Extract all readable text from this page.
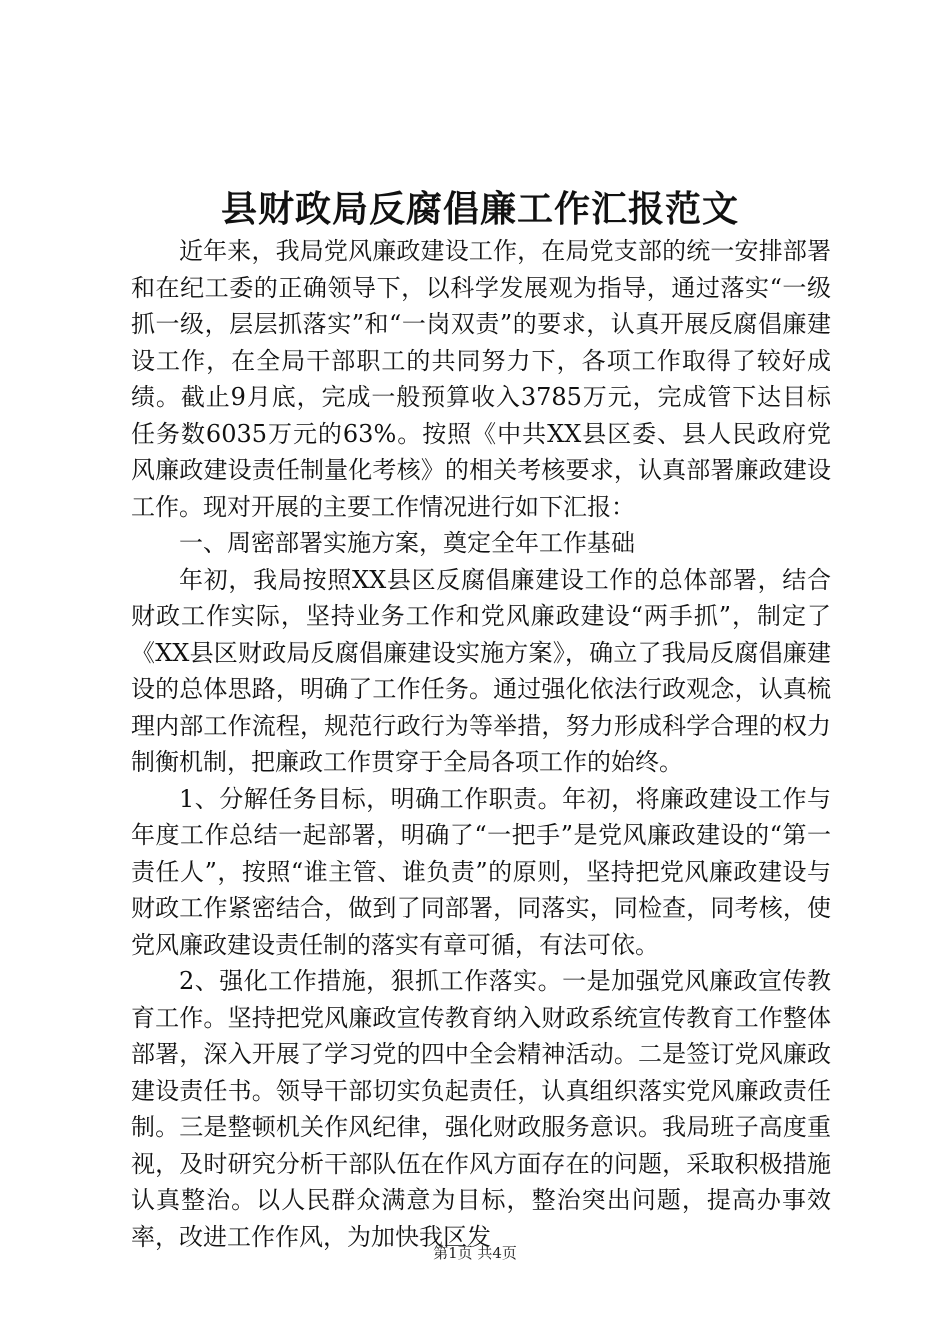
县财政局反腐倡廉工作汇报范文

近年来，我局党风廉政建设工作，在局党支部的统一安排部署和在纪工委的正确领导下，以科学发展观为指导，通过落实“一级抓一级，层层抓落实”和“一岗双责”的要求，认真开展反腐倡廉建设工作，在全局干部职工的共同努力下，各项工作取得了较好成绩。截止9月底，完成一般预算收入3785万元，完成管下达目标任务数6035万元的63%。按照《中共XX县区委、县人民政府党风廉政建设责任制量化考核》的相关考核要求，认真部署廉政建设工作。现对开展的主要工作情况进行如下汇报：

一、周密部署实施方案，奠定全年工作基础

年初，我局按照XX县区反腐倡廉建设工作的总体部署，结合财政工作实际，坚持业务工作和党风廉政建设“两手抓”，制定了《XX县区财政局反腐倡廉建设实施方案》，确立了我局反腐倡廉建设的总体思路，明确了工作任务。通过强化依法行政观念，认真梳理内部工作流程，规范行政行为等举措，努力形成科学合理的权力制衡机制，把廉政工作贯穿于全局各项工作的始终。

1、分解任务目标，明确工作职责。年初，将廉政建设工作与年度工作总结一起部署，明确了“一把手”是党风廉政建设的“第一责任人”，按照“谁主管、谁负责”的原则，坚持把党风廉政建设与财政工作紧密结合，做到了同部署，同落实，同检查，同考核，使党风廉政建设责任制的落实有章可循，有法可依。

2、强化工作措施，狠抓工作落实。一是加强党风廉政宣传教育工作。坚持把党风廉政宣传教育纳入财政系统宣传教育工作整体部署，深入开展了学习党的四中全会精神活动。二是签订党风廉政建设责任书。领导干部切实负起责任，认真组织落实党风廉政责任制。三是整顿机关作风纪律，强化财政服务意识。我局班子高度重视，及时研究分析干部队伍在作风方面存在的问题，采取积极措施认真整治。以人民群众满意为目标，整治突出问题，提高办事效率，改进工作作风，为加快我区发

第1页 共4页
